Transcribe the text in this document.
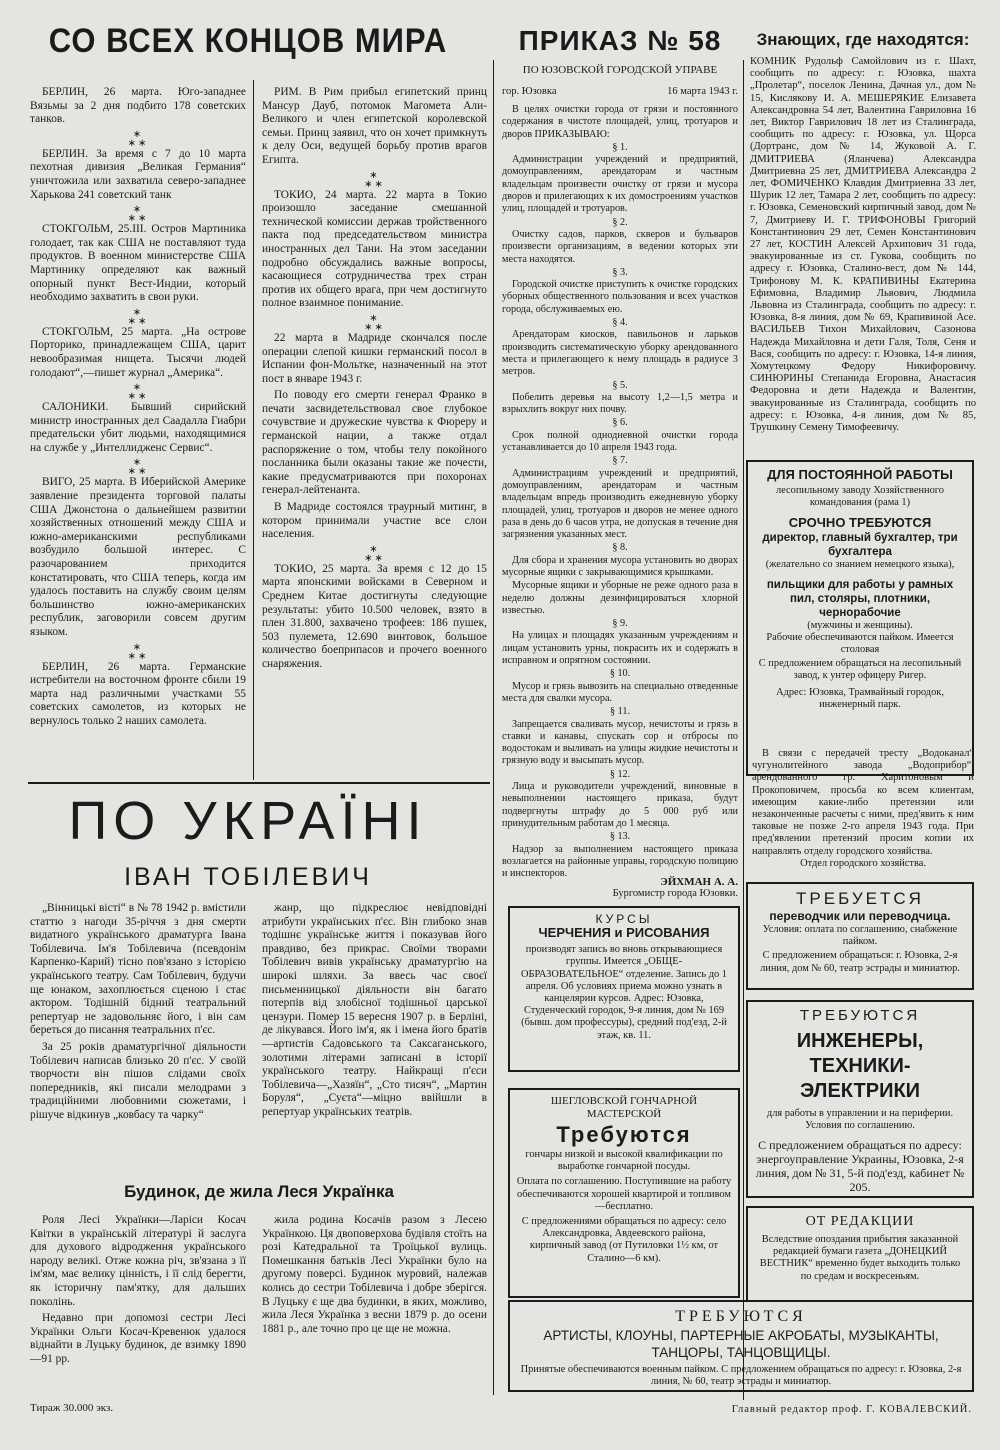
СО ВСЕХ КОНЦОВ МИРА	ПРИКАЗ № 58
ПО ЮЗОВСКОЙ ГОРОДСКОЙ УПРАВЕ
гор. Юзовка	16 марта 1943 г.
Знающих, где находятся:

БЕРЛИН, 26 марта. Юго-западнее Вязьмы за 2 дня подбито 178 советских танков.

∗
∗∗

БЕРЛИН. За время с 7 до 10 марта пехотная дивизия „Великая Германия“ уничтожила или захватила северо-западнее Харькова 241 советский танк

∗
∗∗

СТОКГОЛЬМ, 25.III. Остров Мартиника голодает, так как США не поставляют туда продуктов. В военном министерстве США Мартинику определяют как важный опорный пункт Вест-Индии, который необходимо захватить в свои руки.

∗
∗∗

СТОКГОЛЬМ, 25 марта. „На острове Порторико, принадлежащем США, царит невообразимая нищета. Тысячи людей голодают“,—пишет журнал „Америка“.

∗
∗∗

САЛОНИКИ. Бывший сирийский министр иностранных дел Саадалла Гиабри предательски убит людьми, находящимися на службе у „Интеллидженс Сервис“.

∗
∗∗

ВИГО, 25 марта. В Иберийской Америке заявление президента торговой палаты США Джонстона о дальнейшем развитии хозяйственных отношений между США и южно-американскими республиками возбудило большой интерес. С разочарованием приходится констатировать, что США теперь, когда им удалось поставить на службу своим целям большинство южно-американских республик, заговорили совсем другим языком.

∗
∗∗

БЕРЛИН, 26 марта. Германские истребители на восточном фронте сбили 19 марта над различными участками 55 советских самолетов, из которых не вернулось только 2 наших самолета.

РИМ. В Рим прибыл египетский принц Мансур Дауб, потомок Магомета Али-Великого и член египетской королевской семьи. Принц заявил, что он хочет примкнуть к делу Оси, ведущей борьбу против врагов Египта.

∗
∗∗

ТОКИО, 24 марта. 22 марта в Токио произошло заседание смешанной технической комиссии держав тройственного пакта под председательством министра иностранных дел Тани. На этом заседании подробно обсуждались важные вопросы, касающиеся сотрудничества трех стран против их общего врага, при чем достигнуто полное взаимное понимание.

∗
∗∗

22 марта в Мадриде скончался после операции слепой кишки германский посол в Испании фон-Мольтке, назначенный на этот пост в январе 1943 г.

По поводу его смерти генерал Франко в печати засвидетельствовал свое глубокое сочувствие и дружеские чувства к Фюреру и германской нации, а также отдал распоряжение о том, чтобы телу покойного посланника были оказаны такие же почести, какие предусматриваются при похоронах генерал-лейтенанта.

В Мадриде состоялся траурный митинг, в котором принимали участие все слои населения.

∗
∗∗

ТОКИО, 25 марта. За время с 12 до 15 марта японскими войсками в Северном и Среднем Китае достигнуты следующие результаты: убито 10.500 человек, взято в плен 31.800, захвачено трофеев: 186 пушек, 503 пулемета, 12.690 винтовок, большое количество боеприпасов и прочего военного снаряжения.

ПО УКРАЇНІ
ІВАН ТОБІЛЕВИЧ

„Вінницькі вісті“ в № 78 1942 р. вмістили статтю з нагоди 35-річчя з дня смерти видатного українського драматурга Івана Тобілевича. Ім'я Тобілевича (псевдонім Карпенко-Карий) тісно пов'язано з історією українського театру. Сам Тобілевич, будучи ще юнаком, захоплюється сценою і стає актором. Тодішній бідний театральний репертуар не задовольняє його, і він сам береться до писання театральних п'єс.

За 25 років драматургічної діяльности Тобілевич написав близько 20 п'єс. У своїй творчости він пішов слідами своїх попередників, які писали мелодрами з традиційними любовними сюжетами, і рішуче відкинув „ковбасу та чарку“

жанр, що підкреслює невідповідні атрибути українських п'єс. Він глибоко знав тодішнє українське життя і показував його правдиво, без прикрас. Своїми творами Тобілевич вивів українську драматургію на широкі шляхи. За ввесь час своєї письменницької діяльности він багато потерпів від злобісної тодішньої царської цензури. Помер 15 вересня 1907 р. в Берліні, де лікувався. Його ім'я, як і імена його братів—артистів Садовського та Саксаганського, золотими літерами записані в історії українського театру. Найкращі п'єси Тобілевича—„Хазяїн“, „Сто тисяч“, „Мартин Боруля“, „Суєта“—міцно ввійшли в репертуар українських театрів.

Будинок, де жила Леся Українка

Роля Лесі Українки—Ларіси Косач Квітки в українській літературі й заслуга для духового відродження українського народу великі. Отже кожна річ, зв'язана з її ім'ям, має велику цінність, і її слід берегти, як історичну пам'ятку, для дальших поколінь.

Недавно при допомозі сестри Лесі Українки Ольги Косач-Кревенюк удалося віднайти в Луцьку будинок, де взимку 1890—91 рр.

жила родина Косачів разом з Лесею Українкою. Ця двоповерхова будівля стоїть на розі Катедральної та Троїцької вулиць. Помешкання батьків Лесі Українки було на другому поверсі. Будинок муровий, належав колись до сестри Тобілевича і добре зберігся. В Луцьку є ще два будинки, в яких, можливо, жила Леся Українка з весни 1879 р. до осени 1881 р., але точно про це ще не можна.

В целях очистки города от грязи и постоянного содержания в чистоте площадей, улиц, тротуаров и дворов ПРИКАЗЫВАЮ:

§ 1.

Администрации учреждений и предприятий, домоуправлениям, арендаторам и частным владельцам произвести очистку от грязи и мусора дворов и прилегающих к их домостроениям участков улиц, площадей и тротуаров.

§ 2.

Очистку садов, парков, скверов и бульваров произвести организациям, в ведении которых эти места находятся.

§ 3.

Городской очистке приступить к очистке городских уборных общественного пользования и всех участков города, обслуживаемых ею.

§ 4.

Арендаторам киосков, павильонов и ларьков производить систематическую уборку арендованного места и прилегающего к нему площадь в радиусе 3 метров.

§ 5.

Побелить деревья на высоту 1,2—1,5 метра и взрыхлить вокруг них почву.

§ 6.

Срок полной однодневной очистки города устанавливается до 10 апреля 1943 года.

§ 7.

Администрациям учреждений и предприятий, домоуправлениям, арендаторам и частным владельцам впредь производить ежедневную уборку площадей, улиц, тротуаров и дворов не менее одного раза в день до 6 часов утра, не допуская в течение дня загрязнения указанных мест.

§ 8.

Для сбора и хранения мусора установить во дворах мусорные ящики с закрывающимися крышками.

Мусорные ящики и уборные не реже одного раза в неделю должны дезинфицироваться хлорной известью.

§ 9.

На улицах и площадях указанным учреждениям и лицам установить урны, покрасить их и содержать в исправном и опрятном состоянии.

§ 10.

Мусор и грязь вывозить на специально отведенные места для свалки мусора.

§ 11.

Запрещается сваливать мусор, нечистоты и грязь в ставки и канавы, спускать сор и отбросы по водостокам и выливать на улицы жидкие нечистоты и грязную воду и высыпать мусор.

§ 12.

Лица и руководители учреждений, виновные в невыполнении настоящего приказа, будут подвергнуты штрафу до 5 000 руб или принудительным работам до 1 месяца.

§ 13.

Надзор за выполнением настоящего приказа возлагается на районные управы, городскую полицию и инспекторов.

ЭЙХМАН А. А.
Бургомистр города Юзовки.
КОМНИК Рудольф Самойлович из г. Шахт, сообщить по адресу: г. Юзовка, шахта „Пролетар“, поселок Ленина, Дачная ул., дом № 15, Кислякову И. А. МЕШЕРЯКИЕ Елизавета Александровна 54 лет, Валентина Гавриловна 16 лет, Виктор Гаврилович 18 лет из Сталинграда, сообщить по адресу: г. Юзовка, ул. Щорса (Дортранс, дом № 14, Жуковой А. Г. ДМИТРИЕВА (Яланчева) Александра Дмитриевна 25 лет, ДМИТРИЕВА Александра 2 лет, ФОМИЧЕНКО Клавдия Дмитриевна 33 лет, Шурик 12 лет, Тамара 2 лет, сообщить по адресу: г. Юзовка, Семеновский кирпичный завод, дом № 7, Дмитриеву И. Г. ТРИФОНОВЫ Григорий Константинович 29 лет, Семен Константинович 27 лет, КОСТИН Алексей Архипович 31 года, эвакуированные из ст. Гукова, сообщить по адресу г. Юзовка, Сталино-вест, дом № 144, Трифонову М. К. КРАПИВИНЫ Екатерина Ефимовна, Владимир Львович, Людмила Львовна из Сталинграда, сообщить по адресу: г. Юзовка, 8-я линия, дом № 69, Крапивиной Асе. ВАСИЛЬЕВ Тихон Михайлович, Сазонова Надежда Михайловна и дети Галя, Толя, Сеня и Вася, сообщить по адресу: г. Юзовка, 14-я линия, Хомутецкому Федору Никифоровичу. СИНЮРИНЫ Степанида Егоровна, Анастасия Федоровна и дети Надежда и Валентин, эвакуированные из Сталинграда, сообщить по адресу: г. Юзовка, 4-я линия, дом № 85, Трушкину Семену Тимофеевичу.
ДЛЯ ПОСТОЯННОЙ РАБОТЫ
лесопильному заводу Хозяйственного командования (рама 1)
СРОЧНО ТРЕБУЮТСЯ
директор, главный бухгалтер, три бухгалтера
(желательно со знанием немецкого языка),
пильщики для работы у рамных пил, столяры, плотники, чернорабочие
(мужчины и женщины).
Рабочие обеспечиваются пайком. Имеется столовая
С предложением обращаться на лесопильный завод, к унтер офицеру Ригер.
Адрес: Юзовка, Трамвайный городок, инженерный парк.
В связи с передачей тресту „Водоканал“ чугунолитейного завода „Водоприбор“, арендованного гр. Харитоновым и Прокоповичем, просьба ко всем клиентам, имеющим какие-либо претензии или незаконченные расчеты с ними, пред'явить к ним таковые не позже 2-го апреля 1943 года. При пред'явлении претензий просим копии их направлять отделу городского хозяйства.
Отдел городского хозяйства.
КУРСЫ
ЧЕРЧЕНИЯ и РИСОВАНИЯ
производят запись во вновь открывающиеся группы. Имеется „ОБЩЕ-ОБРАЗОВАТЕЛЬНОЕ“ отделение. Запись до 1 апреля. Об условиях приема можно узнать в канцелярии курсов. Адрес: Юзовка, Студенческий городок, 9-я линия, дом № 169 (бывш. дом профессуры), средний под'езд, 2-й этаж, кв. 11.
ШЕГЛОВСКОЙ ГОНЧАРНОЙ МАСТЕРСКОЙ
Требуются
гончары низкой и высокой квалификации по выработке гончарной посуды.
Оплата по соглашению. Поступившие на работу обеспечиваются хорошей квартирой и топливом—бесплатно.
С предложениями обращаться по адресу: село Александровка, Авдеевского района, кирпичный завод (от Путиловки 1½ км, от Сталино—6 км).
ТРЕБУЕТСЯ
переводчик или переводчица.
Условия: оплата по соглашению, снабжение пайком.
С предложением обращаться: г. Юзовка, 2-я линия, дом № 60, театр эстрады и миниатюр.
ТРЕБУЮТСЯ
ИНЖЕНЕРЫ, ТЕХНИКИ-ЭЛЕКТРИКИ
для работы в управлении и на периферии. Условия по соглашению.
С предложением обращаться по адресу: энергоуправление Украины, Юзовка, 2-я линия, дом № 31, 5-й под'езд, кабинет № 205.
ОТ РЕДАКЦИИ
Вследствие опоздания прибытия заказанной редакцией бумаги газета „ДОНЕЦКИЙ ВЕСТНИК“ временно будет выходить только по средам и воскресеньям.
ТРЕБУЮТСЯ
АРТИСТЫ, КЛОУНЫ, ПАРТЕРНЫЕ АКРОБАТЫ, МУЗЫКАНТЫ, ТАНЦОРЫ, ТАНЦОВЩИЦЫ.
Принятые обеспечиваются военным пайком. С предложением обращаться по адресу: г. Юзовка, 2-я линия, № 60, театр эстрады и миниатюр.
Тираж 30.000 экз.	Главный редактор проф. Г. КОВАЛЕВСКИЙ.
